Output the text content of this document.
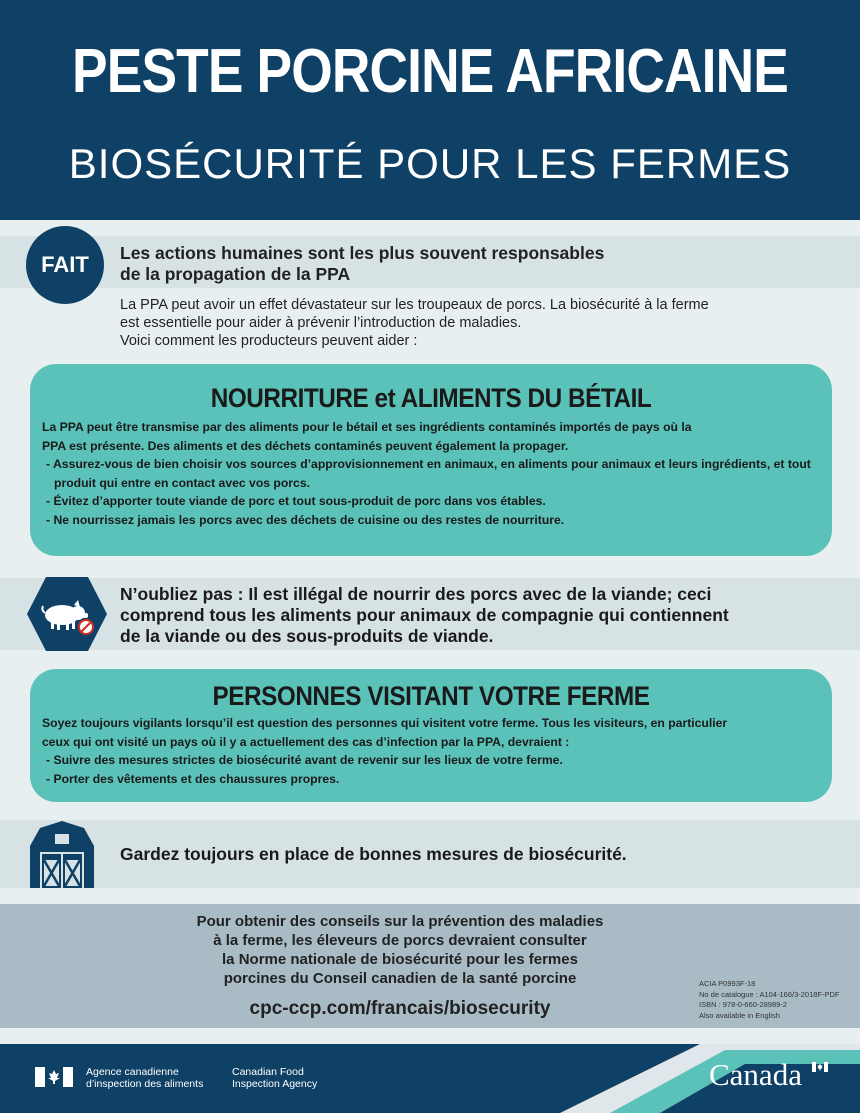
PESTE PORCINE AFRICAINE
BIOSÉCURITÉ POUR LES FERMES
FAIT	Les actions humaines sont les plus souvent responsables
de la propagation de la PPA
La PPA peut avoir un effet dévastateur sur les troupeaux de porcs. La biosécurité à la ferme
est essentielle pour aider à prévenir l’introduction de maladies.
Voici comment les producteurs peuvent aider :
NOURRITURE et ALIMENTS DU BÉTAIL
La PPA peut être transmise par des aliments pour le bétail et ses ingrédients contaminés importés de pays où la
PPA est présente. Des aliments et des déchets contaminés peuvent également la propager.
- Assurez-vous de bien choisir vos sources d’approvisionnement en animaux, en aliments pour animaux et leurs ingrédients, et tout produit qui entre en contact avec vos porcs.
- Évitez d’apporter toute viande de porc et tout sous-produit de porc dans vos étables.
- Ne nourrissez jamais les porcs avec des déchets de cuisine ou des restes de nourriture.
N’oubliez pas : Il est illégal de nourrir des porcs avec de la viande; ceci
comprend tous les aliments pour animaux de compagnie qui contiennent
de la viande ou des sous-produits de viande.
PERSONNES VISITANT VOTRE FERME
Soyez toujours vigilants lorsqu’il est question des personnes qui visitent votre ferme. Tous les visiteurs, en particulier
ceux qui ont visité un pays où il y a actuellement des cas d’infection par la PPA, devraient :
- Suivre des mesures strictes de biosécurité avant de revenir sur les lieux de votre ferme.
- Porter des vêtements et des chaussures propres.
Gardez toujours en place de bonnes mesures de biosécurité.
Pour obtenir des conseils sur la prévention des maladies
à la ferme, les éleveurs de porcs devraient consulter
la Norme nationale de biosécurité pour les fermes
porcines du Conseil canadien de la santé porcine
cpc-ccp.com/francais/biosecurity
ACIA P0993F-18
No de catalogue : A104-166/3-2018F-PDF
ISBN : 978-0-660-28989-2
Also available in English
Agence canadienne
d’inspection des aliments
Canadian Food
Inspection Agency	Canada
